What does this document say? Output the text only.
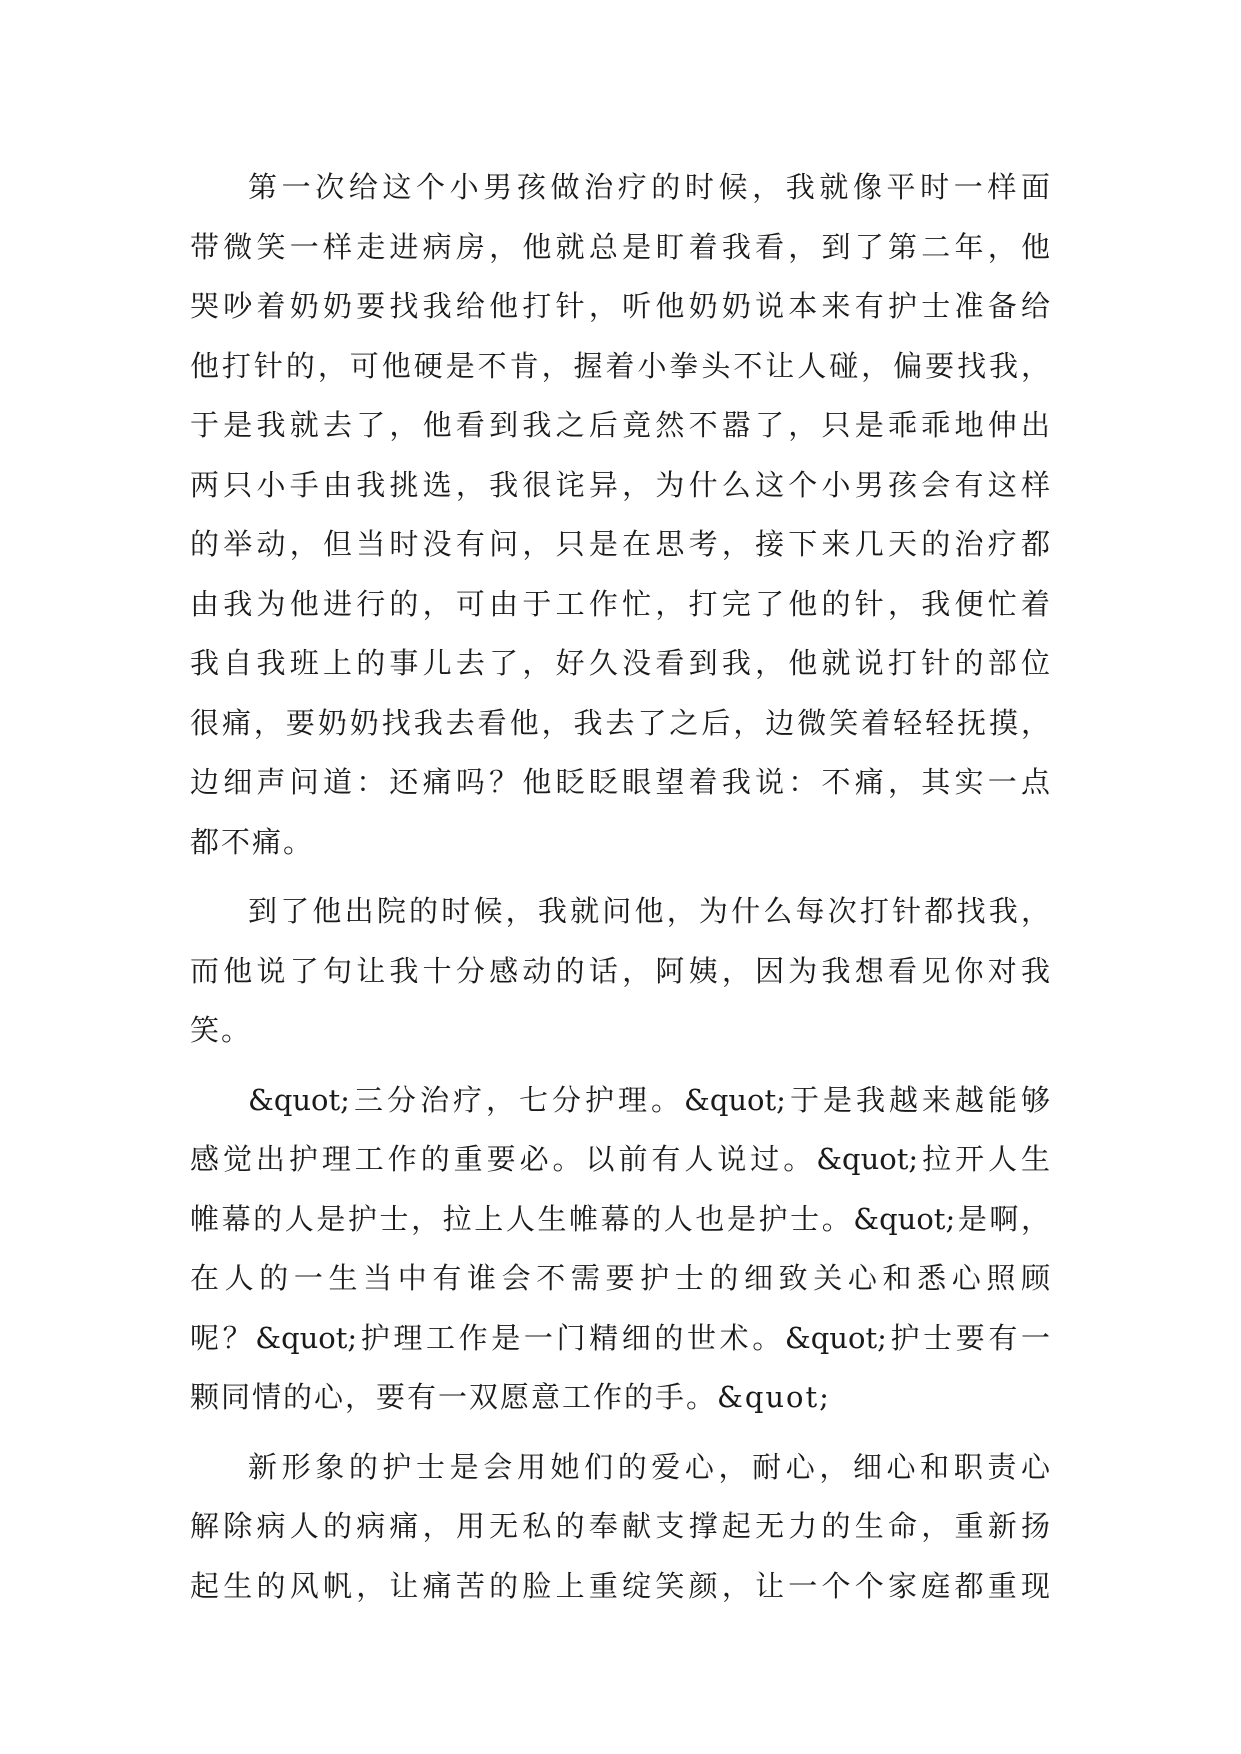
第一次给这个小男孩做治疗的时候，我就像平时一样面
带微笑一样走进病房，他就总是盯着我看，到了第二年，他
哭吵着奶奶要找我给他打针，听他奶奶说本来有护士准备给
他打针的，可他硬是不肯，握着小拳头不让人碰，偏要找我，
于是我就去了，他看到我之后竟然不嚣了，只是乖乖地伸出
两只小手由我挑选，我很诧异，为什么这个小男孩会有这样
的举动，但当时没有问，只是在思考，接下来几天的治疗都
由我为他进行的，可由于工作忙，打完了他的针，我便忙着
我自我班上的事儿去了，好久没看到我，他就说打针的部位
很痛，要奶奶找我去看他，我去了之后，边微笑着轻轻抚摸，
边细声问道：还痛吗？他眨眨眼望着我说：不痛，其实一点
都不痛。
到了他出院的时候，我就问他，为什么每次打针都找我，
而他说了句让我十分感动的话，阿姨，因为我想看见你对我
笑。
&quot;三分治疗，七分护理。&quot;于是我越来越能够
感觉出护理工作的重要必。以前有人说过。&quot;拉开人生
帷幕的人是护士，拉上人生帷幕的人也是护士。&quot;是啊，
在人的一生当中有谁会不需要护士的细致关心和悉心照顾
呢？&quot;护理工作是一门精细的世术。&quot;护士要有一
颗同情的心，要有一双愿意工作的手。&quot;
新形象的护士是会用她们的爱心，耐心，细心和职责心
解除病人的病痛，用无私的奉献支撑起无力的生命，重新扬
起生的风帆，让痛苦的脸上重绽笑颜，让一个个家庭都重现
